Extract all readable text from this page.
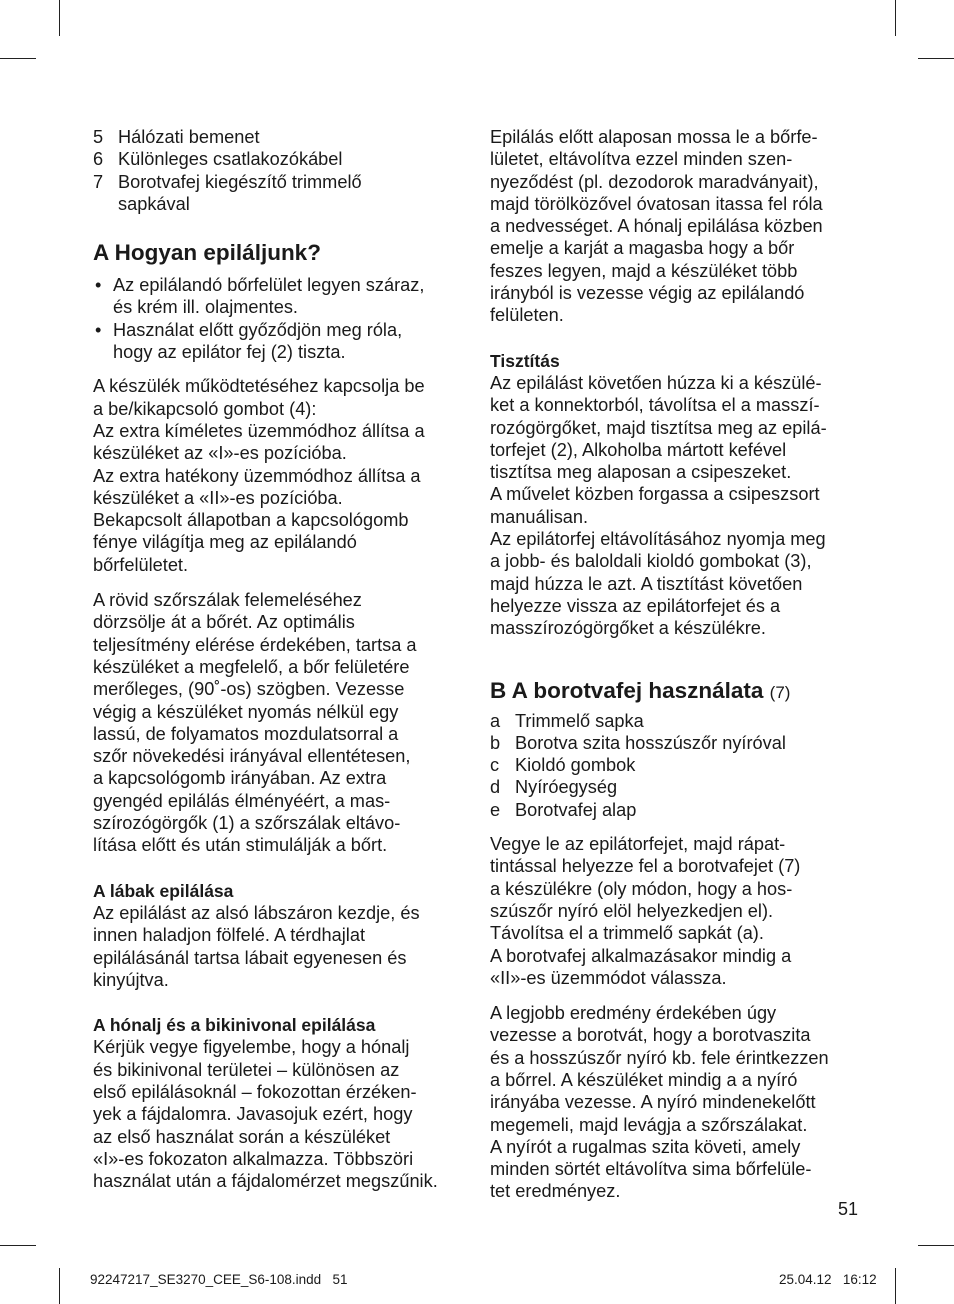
5 Hálózati bemenet
6 Különleges csatlakozókábel
7 Borotvafej kiegészítő trimmelő
sapkával
A Hogyan epiláljunk?
• Az epilálandó bőrfelület legyen száraz,
és krém ill. olajmentes.
• Használat előtt győződjön meg róla,
hogy az epilátor fej (2) tiszta.

A készülék működtetéséhez kapcsolja be
a be/kikapcsoló gombot (4):
Az extra kíméletes üzemmódhoz állítsa a
készüléket az «I»-es pozícióba.
Az extra hatékony üzemmódhoz állítsa a
készüléket a «II»-es pozícióba.
Bekapcsolt állapotban a kapcsológomb
fénye világítja meg az epilálandó
bőrfelületet.

A rövid szőrszálak felemeléséhez
dörzsölje át a bőrét. Az optimális
teljesítmény elérése érdekében, tartsa a
készüléket a megfelelő, a bőr felületére
merőleges, (90˚-os) szögben. Vezesse
végig a készüléket nyomás nélkül egy
lassú, de folyamatos mozdulatsorral a
szőr növekedési irányával ellentétesen,
a kapcsológomb irányában. Az extra
gyengéd epilálás élményéért, a mas-
szírozógörgők (1) a szőrszálak eltávo-
lítása előtt és után stimulálják a bőrt.

A lábak epilálása

Az epilálást az alsó lábszáron kezdje, és
innen haladjon fölfelé. A térdhajlat
epilálásánál tartsa lábait egyenesen és
kinyújtva.

A hónalj és a bikinivonal epilálása

Kérjük vegye figyelembe, hogy a hónalj
és bikinivonal területei – különösen az
első epilálásoknál – fokozottan érzéken-
yek a fájdalomra. Javasojuk ezért, hogy
az első használat során a készüléket
«I»-es fokozaton alkalmazza. Többszöri
használat után a fájdalomérzet megszűnik.

Epilálás előtt alaposan mossa le a bőrfe-
lületet, eltávolítva ezzel minden szen-
nyeződést (pl. dezodorok maradványait),
majd törölközővel óvatosan itassa fel róla
a nedvességet. A hónalj epilálása közben
emelje a karját a magasba hogy a bőr
feszes legyen, majd a készüléket több
irányból is vezesse végig az epilálandó
felületen.

Tisztítás

Az epilálást követően húzza ki a készülé-
ket a konnektorból, távolítsa el a masszí-
rozógörgőket, majd tisztítsa meg az epilá-
torfejet (2), Alkoholba mártott kefével
tisztítsa meg alaposan a csipeszeket.
A művelet közben forgassa a csipeszsort
manuálisan.
Az epilátorfej eltávolításához nyomja meg
a jobb- és baloldali kioldó gombokat (3),
majd húzza le azt. A tisztítást követően
helyezze vissza az epilátorfejet és a
masszírozógörgőket a készülékre.

B A borotvafej használata (7)
a Trimmelő sapka
b Borotva szita hosszúszőr nyíróval
c Kioldó gombok
d Nyíróegység
e Borotvafej alap

Vegye le az epilátorfejet, majd rápat-
tintással helyezze fel a borotvafejet (7)
a készülékre (oly módon, hogy a hos-
szúszőr nyíró elöl helyezkedjen el).
Távolítsa el a trimmelő sapkát (a).
A borotvafej alkalmazásakor mindig a
«II»-es üzemmódot válassza.

A legjobb eredmény érdekében úgy
vezesse a borotvát, hogy a borotvaszita
és a hosszúszőr nyíró kb. fele érintkezzen
a bőrrel. A készüléket mindig a a nyíró
irányába vezesse. A nyíró mindenekelőtt
megemeli, majd levágja a szőrszálakat.
A nyírót a rugalmas szita követi, amely
minden sörtét eltávolítva sima bőrfelüle-
tet eredményez.

51
92247217_SE3270_CEE_S6-108.indd 51	25.04.12 16:12
